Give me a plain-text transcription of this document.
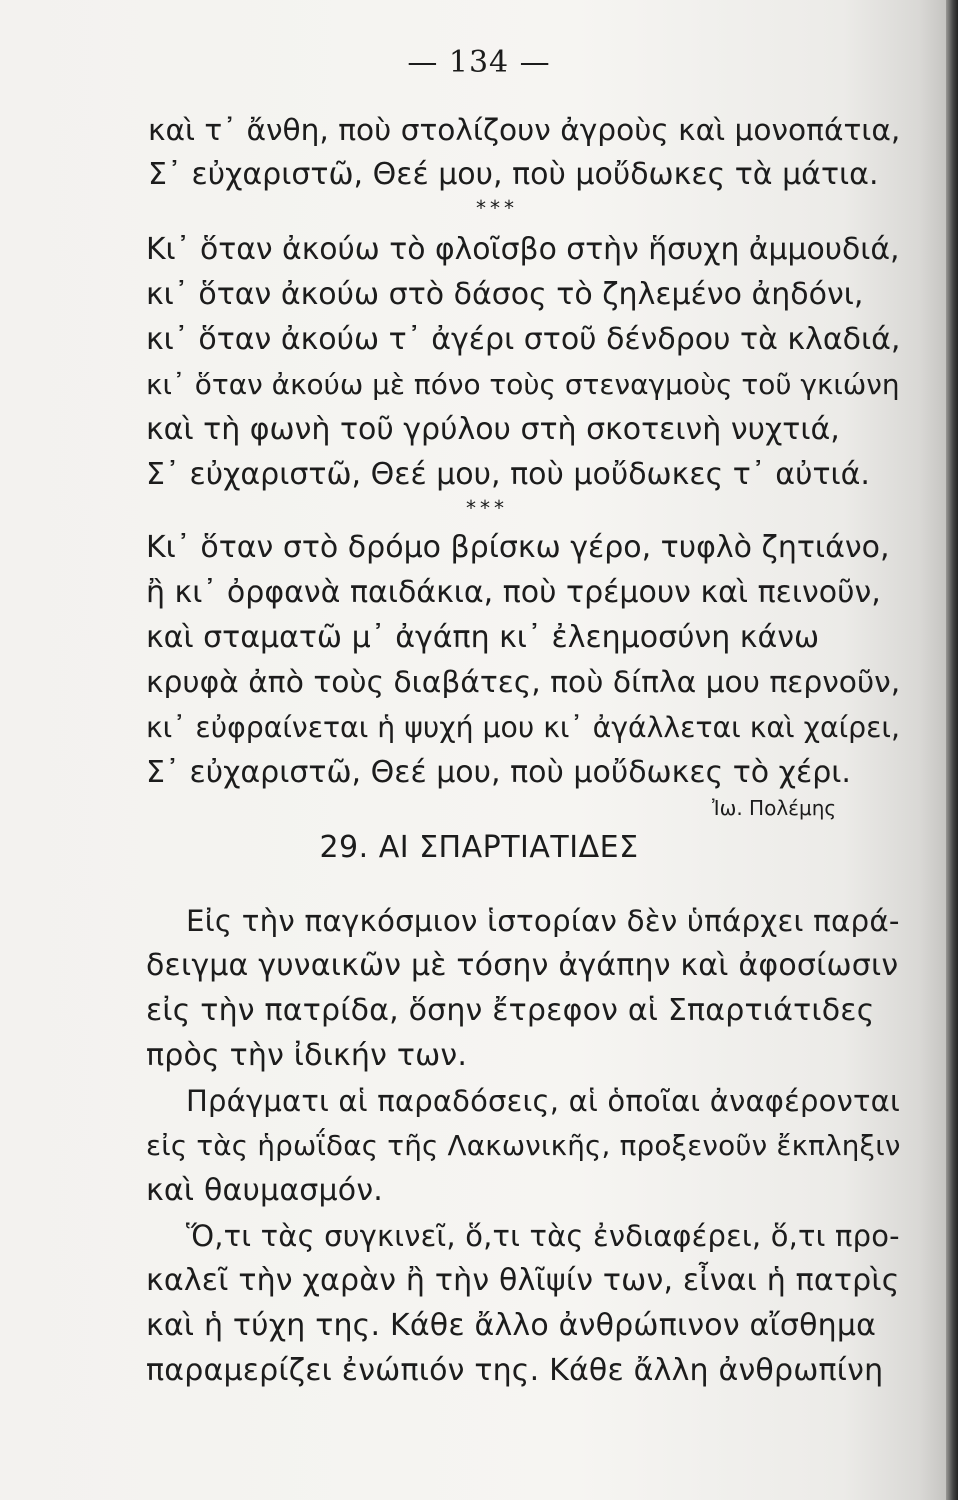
— 134 —
καὶ τ᾽ ἄνθη, ποὺ στολίζουν ἀγροὺς καὶ μονοπάτια,
Σ᾽ εὐχαριστῶ, Θεέ μου, ποὺ μοὔδωκες τὰ μάτια.
* * *
Κι᾽ ὅταν ἀκούω τὸ φλοῖσβο στὴν ἥσυχη ἀμμουδιά,
κι᾽ ὅταν ἀκούω στὸ δάσος τὸ ζηλεμένο ἀηδόνι,
κι᾽ ὅταν ἀκούω τ᾽ ἀγέρι στοῦ δένδρου τὰ κλαδιά,
κι᾽ ὅταν ἀκούω μὲ πόνο τοὺς στεναγμοὺς τοῦ γκιώνη
καὶ τὴ φωνὴ τοῦ γρύλου στὴ σκοτεινὴ νυχτιά,
Σ᾽ εὐχαριστῶ, Θεέ μου, ποὺ μοὔδωκες τ᾽ αὐτιά.
* * *
Κι᾽ ὅταν στὸ δρόμο βρίσκω γέρο, τυφλὸ ζητιάνο,
ἢ κι᾽ ὀρφανὰ παιδάκια, ποὺ τρέμουν καὶ πεινοῦν,
καὶ σταματῶ μ᾽ ἀγάπη κι᾽ ἐλεημοσύνη κάνω
κρυφὰ ἀπὸ τοὺς διαβάτες, ποὺ δίπλα μου περνοῦν,
κι᾽ εὐφραίνεται ἡ ψυχή μου κι᾽ ἀγάλλεται καὶ χαίρει,
Σ᾽ εὐχαριστῶ, Θεέ μου, ποὺ μοὔδωκες τὸ χέρι.
Ἰω. Πολέμης
29. ΑΙ ΣΠΑΡΤΙΑΤΙΔΕΣ
Εἰς τὴν παγκόσμιον ἱστορίαν δὲν ὑπάρχει παρά-
δειγμα γυναικῶν μὲ τόσην ἀγάπην καὶ ἀφοσίωσιν
εἰς τὴν πατρίδα, ὅσην ἔτρεφον αἱ Σπαρτιάτιδες
πρὸς τὴν ἰδικήν των.
Πράγματι αἱ παραδόσεις, αἱ ὁποῖαι ἀναφέρονται
εἰς τὰς ἡρωΐδας τῆς Λακωνικῆς, προξενοῦν ἔκπληξιν
καὶ θαυμασμόν.
Ὅ,τι τὰς συγκινεῖ, ὅ,τι τὰς ἐνδιαφέρει, ὅ,τι προ-
καλεῖ τὴν χαρὰν ἢ τὴν θλῖψίν των, εἶναι ἡ πατρὶς
καὶ ἡ τύχη της. Κάθε ἄλλο ἀνθρώπινον αἴσθημα
παραμερίζει ἐνώπιόν της. Κάθε ἄλλη ἀνθρωπίνη
